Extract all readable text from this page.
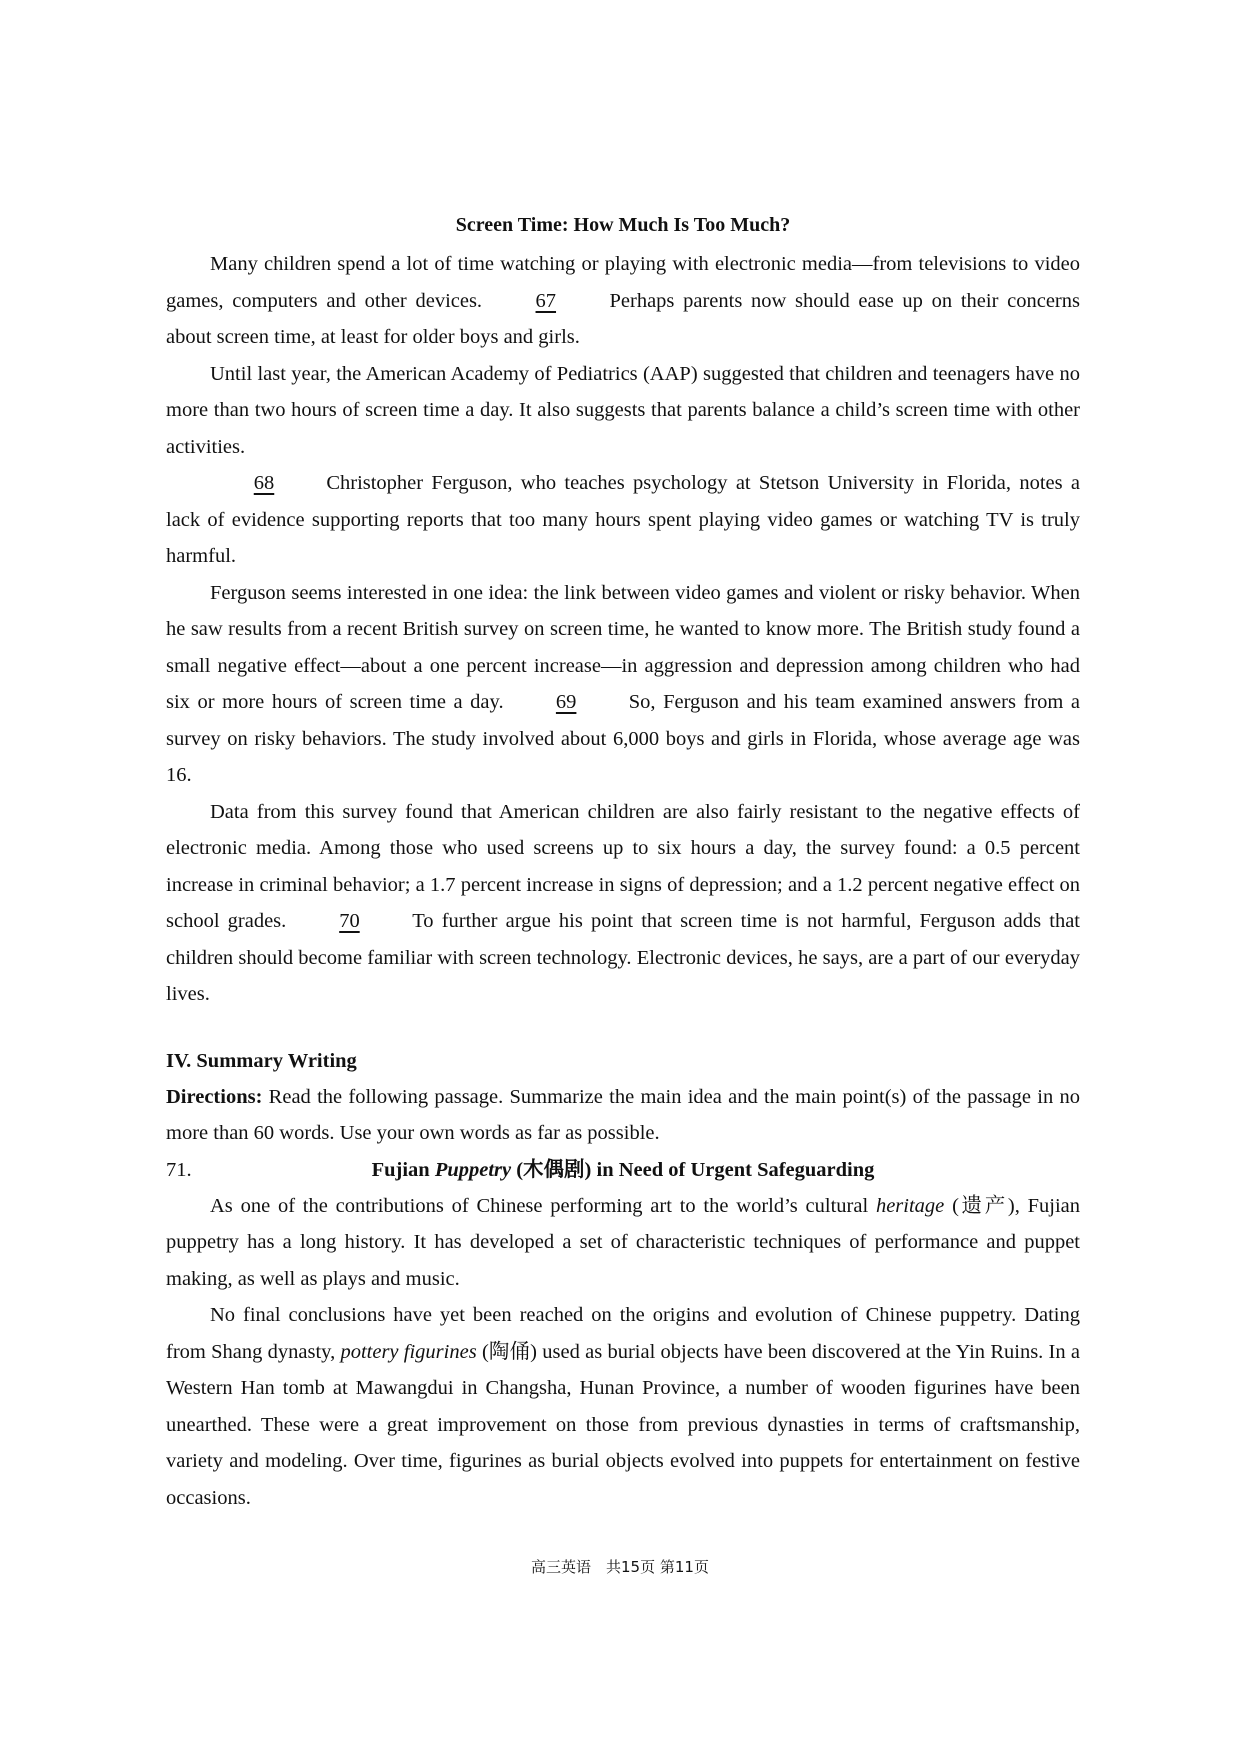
Screen Time: How Much Is Too Much?

Many children spend a lot of time watching or playing with electronic media—from televisions to video games, computers and other devices.	67	Perhaps parents now should ease up on their concerns about screen time, at least for older boys and girls.

Until last year, the American Academy of Pediatrics (AAP) suggested that children and teenagers have no more than two hours of screen time a day. It also suggests that parents balance a child’s screen time with other activities.

68	Christopher Ferguson, who teaches psychology at Stetson University in Florida, notes a lack of evidence supporting reports that too many hours spent playing video games or watching TV is truly harmful.

Ferguson seems interested in one idea: the link between video games and violent or risky behavior. When he saw results from a recent British survey on screen time, he wanted to know more. The British study found a small negative effect—about a one percent increase—in aggression and depression among children who had six or more hours of screen time a day.	69	So, Ferguson and his team examined answers from a survey on risky behaviors. The study involved about 6,000 boys and girls in Florida, whose average age was 16.

Data from this survey found that American children are also fairly resistant to the negative effects of electronic media. Among those who used screens up to six hours a day, the survey found: a 0.5 percent increase in criminal behavior; a 1.7 percent increase in signs of depression; and a 1.2 percent negative effect on school grades.	70	To further argue his point that screen time is not harmful, Ferguson adds that children should become familiar with screen technology. Electronic devices, he says, are a part of our everyday lives.

IV. Summary Writing

Directions: Read the following passage. Summarize the main idea and the main point(s) of the passage in no more than 60 words. Use your own words as far as possible.

71.	Fujian Puppetry (木偶剧) in Need of Urgent Safeguarding

As one of the contributions of Chinese performing art to the world’s cultural heritage (遗产), Fujian puppetry has a long history. It has developed a set of characteristic techniques of performance and puppet making, as well as plays and music.

No final conclusions have yet been reached on the origins and evolution of Chinese puppetry. Dating from Shang dynasty, pottery figurines (陶俑) used as burial objects have been discovered at the Yin Ruins. In a Western Han tomb at Mawangdui in Changsha, Hunan Province, a number of wooden figurines have been unearthed. These were a great improvement on those from previous dynasties in terms of craftsmanship, variety and modeling. Over time, figurines as burial objects evolved into puppets for entertainment on festive occasions.

高三英语　共15页 第11页
